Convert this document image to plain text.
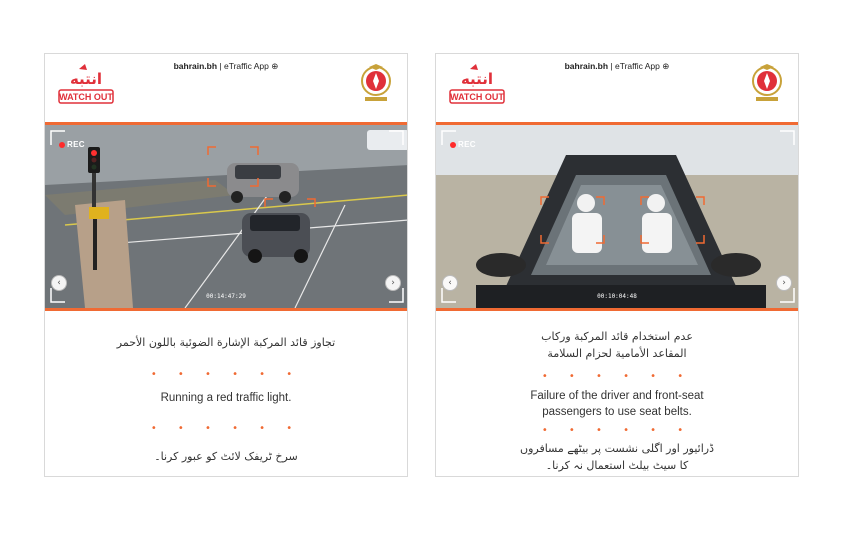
انتبه
WATCH OUT
bahrain.bh | eTraffic App ⊕
REC
00:14:47:29
‹	›
تجاوز قائد المركبة الإشارة الضوئية باللون الأحمر
• • • • • •
Running a red traffic light.
• • • • • •
سرخ ٹریفک لائٹ کو عبور کرنا۔
انتبه
WATCH OUT
bahrain.bh | eTraffic App ⊕
REC
00:10:04:48
‹	›
عدم استخدام قائد المركبة وركاب
المقاعد الأمامية لحزام السلامة
• • • • • •
Failure of the driver and front-seat
passengers to use seat belts.
• • • • • •
ڈرائیور اور اگلی نشست پر بیٹھے مسافروں
کا سیٹ بیلٹ استعمال نہ کرنا۔
